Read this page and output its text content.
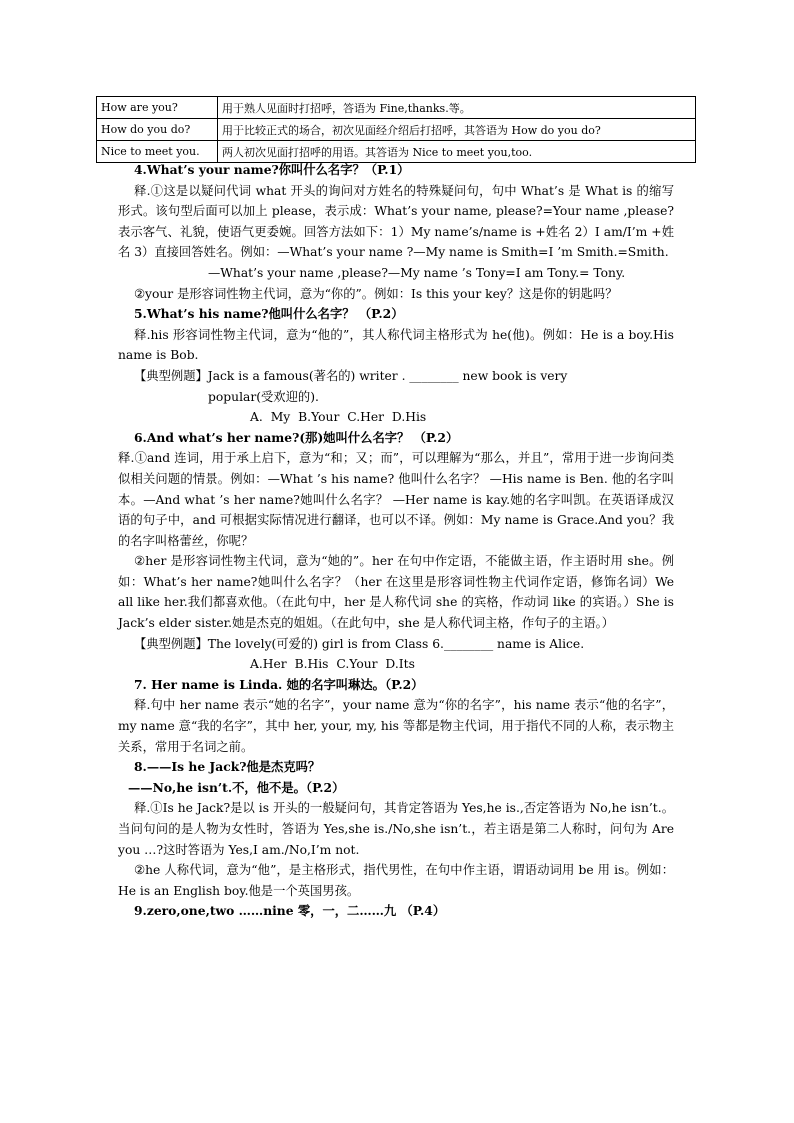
How are you?	用于熟人见面时打招呼，答语为 Fine,thanks.等。
How do you do?	用于比较正式的场合，初次见面经介绍后打招呼，其答语为 How do you do?
Nice to meet you.	两人初次见面打招呼的用语。其答语为 Nice to meet you,too.

4.What’s your name?你叫什么名字？（P.1）

释.①这是以疑问代词 what 开头的询问对方姓名的特殊疑问句，句中 What’s 是 What is 的缩写形式。该句型后面可以加上 please，表示成：What’s your name, please?=Your name ,please?表示客气、礼貌，使语气更委婉。回答方法如下：1）My name’s/name is +姓名 2）I am/I’m +姓名 3）直接回答姓名。例如：—What’s your name ?—My name is Smith=I ’m Smith.=Smith.

—What’s your name ,please?—My name ’s Tony=I am Tony.= Tony.

②your 是形容词性物主代词，意为“你的”。例如：Is this your key？这是你的钥匙吗？

5.What’s his name?他叫什么名字？ （P.2）

释.his 形容词性物主代词，意为“他的”，其人称代词主格形式为 he(他)。例如：He is a boy.His name is Bob.

【典型例题】Jack is a famous(著名的) writer . ________ new book is very

popular(受欢迎的).

A. My B.Your C.Her D.His

6.And what’s her name?(那)她叫什么名字？ （P.2）

释.①and 连词，用于承上启下，意为“和；又；而”，可以理解为“那么，并且”，常用于进一步询问类似相关问题的情景。例如：—What ’s his name? 他叫什么名字？ —His name is Ben. 他的名字叫本。—And what ’s her name?她叫什么名字？ —Her name is kay.她的名字叫凯。在英语译成汉语的句子中，and 可根据实际情况进行翻译，也可以不译。例如：My name is Grace.And you？我的名字叫格蕾丝，你呢？

②her 是形容词性物主代词，意为“她的”。her 在句中作定语，不能做主语，作主语时用 she。例如：What’s her name?她叫什么名字？（her 在这里是形容词性物主代词作定语，修饰名词）We all like her.我们都喜欢他。（在此句中，her 是人称代词 she 的宾格，作动词 like 的宾语。）She is Jack’s elder sister.她是杰克的姐姐。（在此句中，she 是人称代词主格，作句子的主语。）

【典型例题】The lovely(可爱的) girl is from Class 6.________ name is Alice.

A.Her B.His C.Your D.Its

7. Her name is Linda. 她的名字叫琳达。（P.2）

释.句中 her name 表示“她的名字”，your name 意为“你的名字”，his name 表示“他的名字”，my name 意“我的名字”，其中 her, your, my, his 等都是物主代词，用于指代不同的人称，表示物主关系，常用于名词之前。

8.——Is he Jack?他是杰克吗？

——No,he isn’t.不，他不是。（P.2）

释.①Is he Jack?是以 is 开头的一般疑问句，其肯定答语为 Yes,he is.,否定答语为 No,he isn’t.。当问句问的是人物为女性时，答语为 Yes,she is./No,she isn’t.，若主语是第二人称时，问句为 Are you …?这时答语为 Yes,I am./No,I’m not.

②he 人称代词，意为“他”，是主格形式，指代男性，在句中作主语，谓语动词用 be 用 is。例如：He is an English boy.他是一个英国男孩。

9.zero,one,two ……nine 零，一，二……九 （P.4）
